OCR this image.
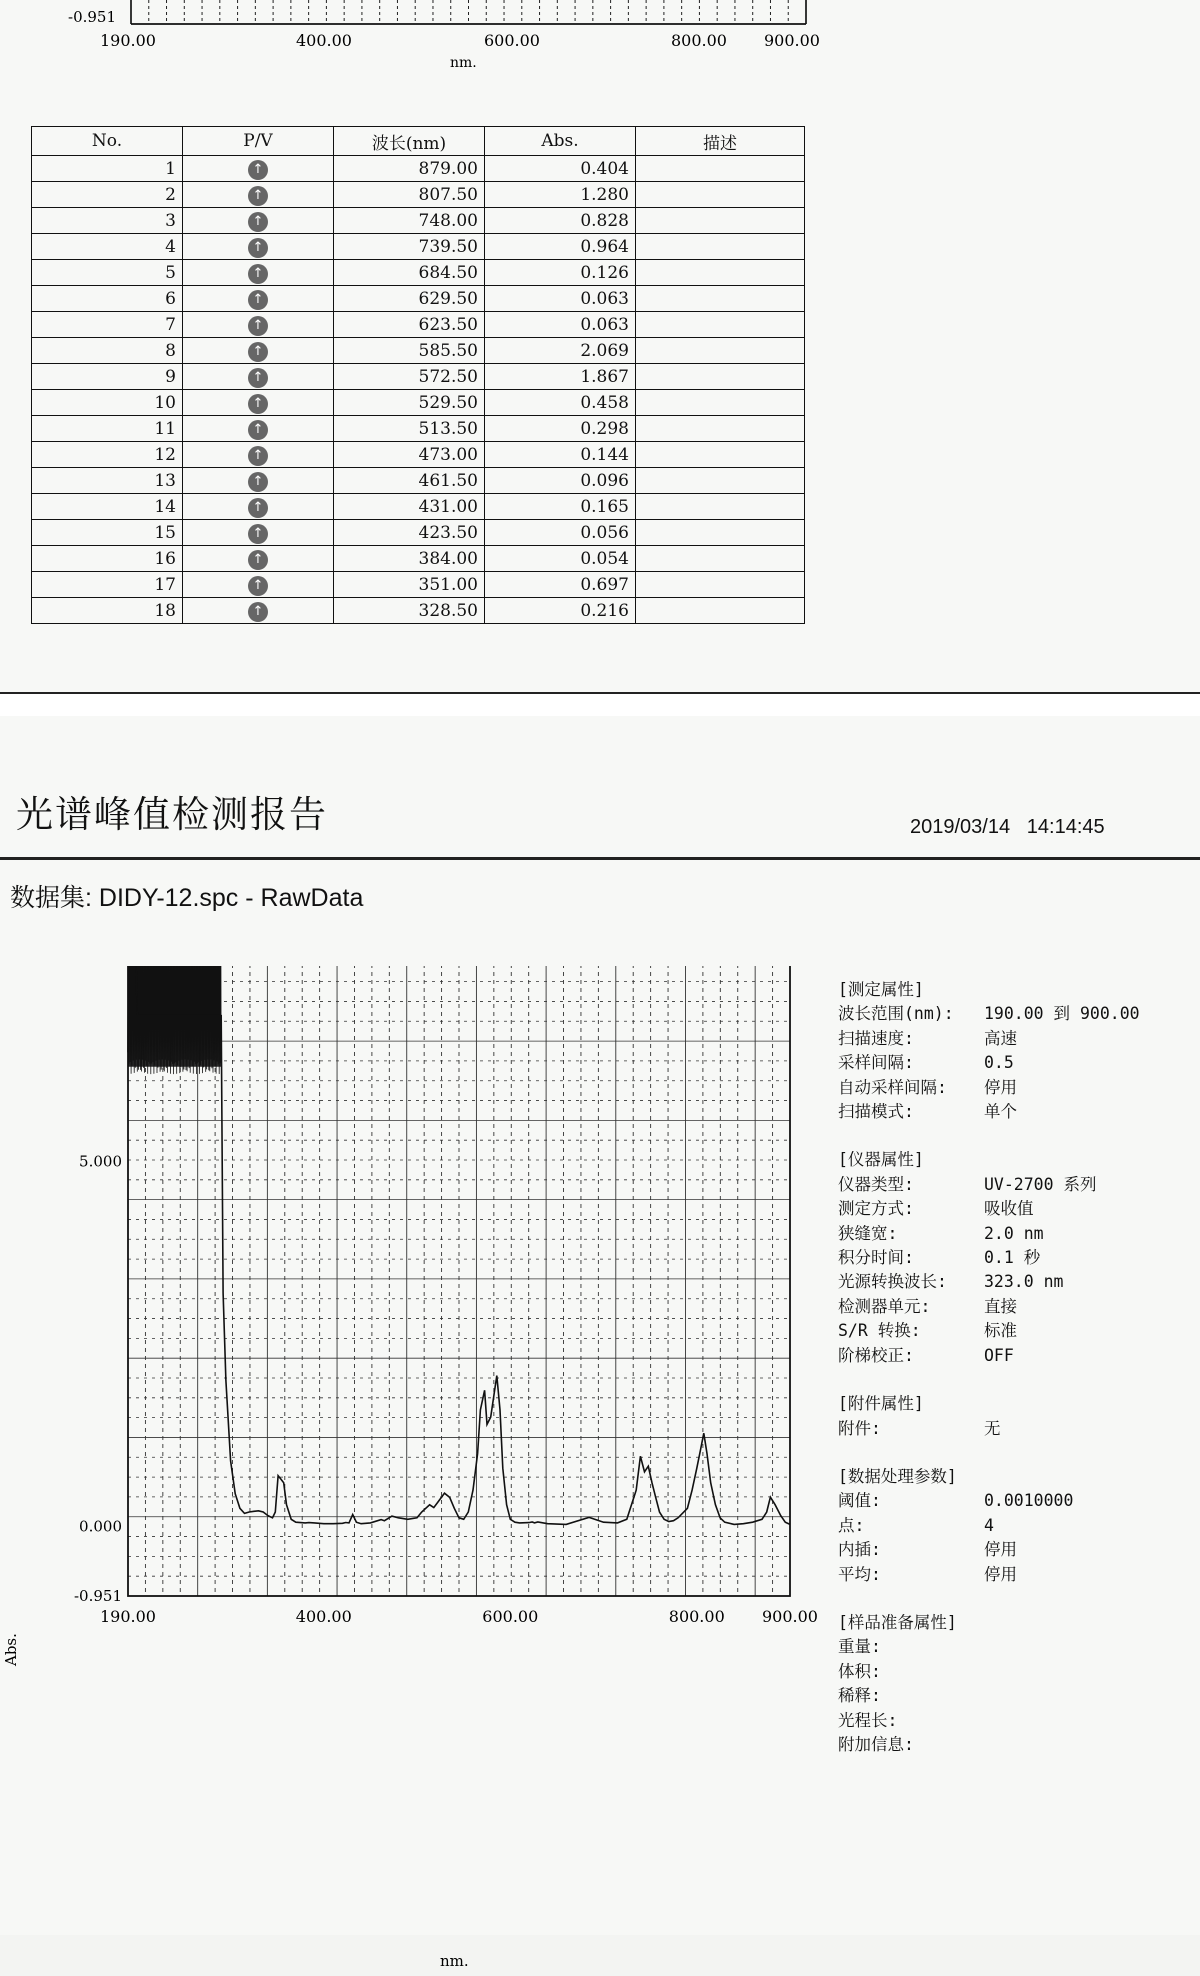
-0.951
190.00	400.00	600.00	800.00 900.00
nm.
No.	P/V	波长(nm)	Abs.	描述
1	↑	879.00	0.404	
2	↑	807.50	1.280	
3	↑	748.00	0.828	
4	↑	739.50	0.964	
5	↑	684.50	0.126	
6	↑	629.50	0.063	
7	↑	623.50	0.063	
8	↑	585.50	2.069	
9	↑	572.50	1.867	
10	↑	529.50	0.458	
11	↑	513.50	0.298	
12	↑	473.00	0.144	
13	↑	461.50	0.096	
14	↑	431.00	0.165	
15	↑	423.50	0.056	
16	↑	384.00	0.054	
17	↑	351.00	0.697	
18	↑	328.50	0.216	
光谱峰值检测报告	2019/03/14   14:14:45
数据集: DIDY-12.spc - RawData
5.000
0.000
-0.951
190.00	400.00	600.00	800.00 900.00
Abs.
nm.
[测定属性]
波长范围(nm):	190.00 到 900.00
扫描速度:	高速
采样间隔:	0.5
自动采样间隔:	停用
扫描模式:	单个
[仪器属性]
仪器类型:	UV-2700 系列
测定方式:	吸收值
狭缝宽:	2.0 nm
积分时间:	0.1 秒
光源转换波长:	323.0 nm
检测器单元:	直接
S/R 转换:	标准
阶梯校正:	OFF
[附件属性]
附件:	无
[数据处理参数]
阈值:	0.0010000
点:	4
内插:	停用
平均:	停用
[样品准备属性]
重量:
体积:
稀释:
光程长:
附加信息:
